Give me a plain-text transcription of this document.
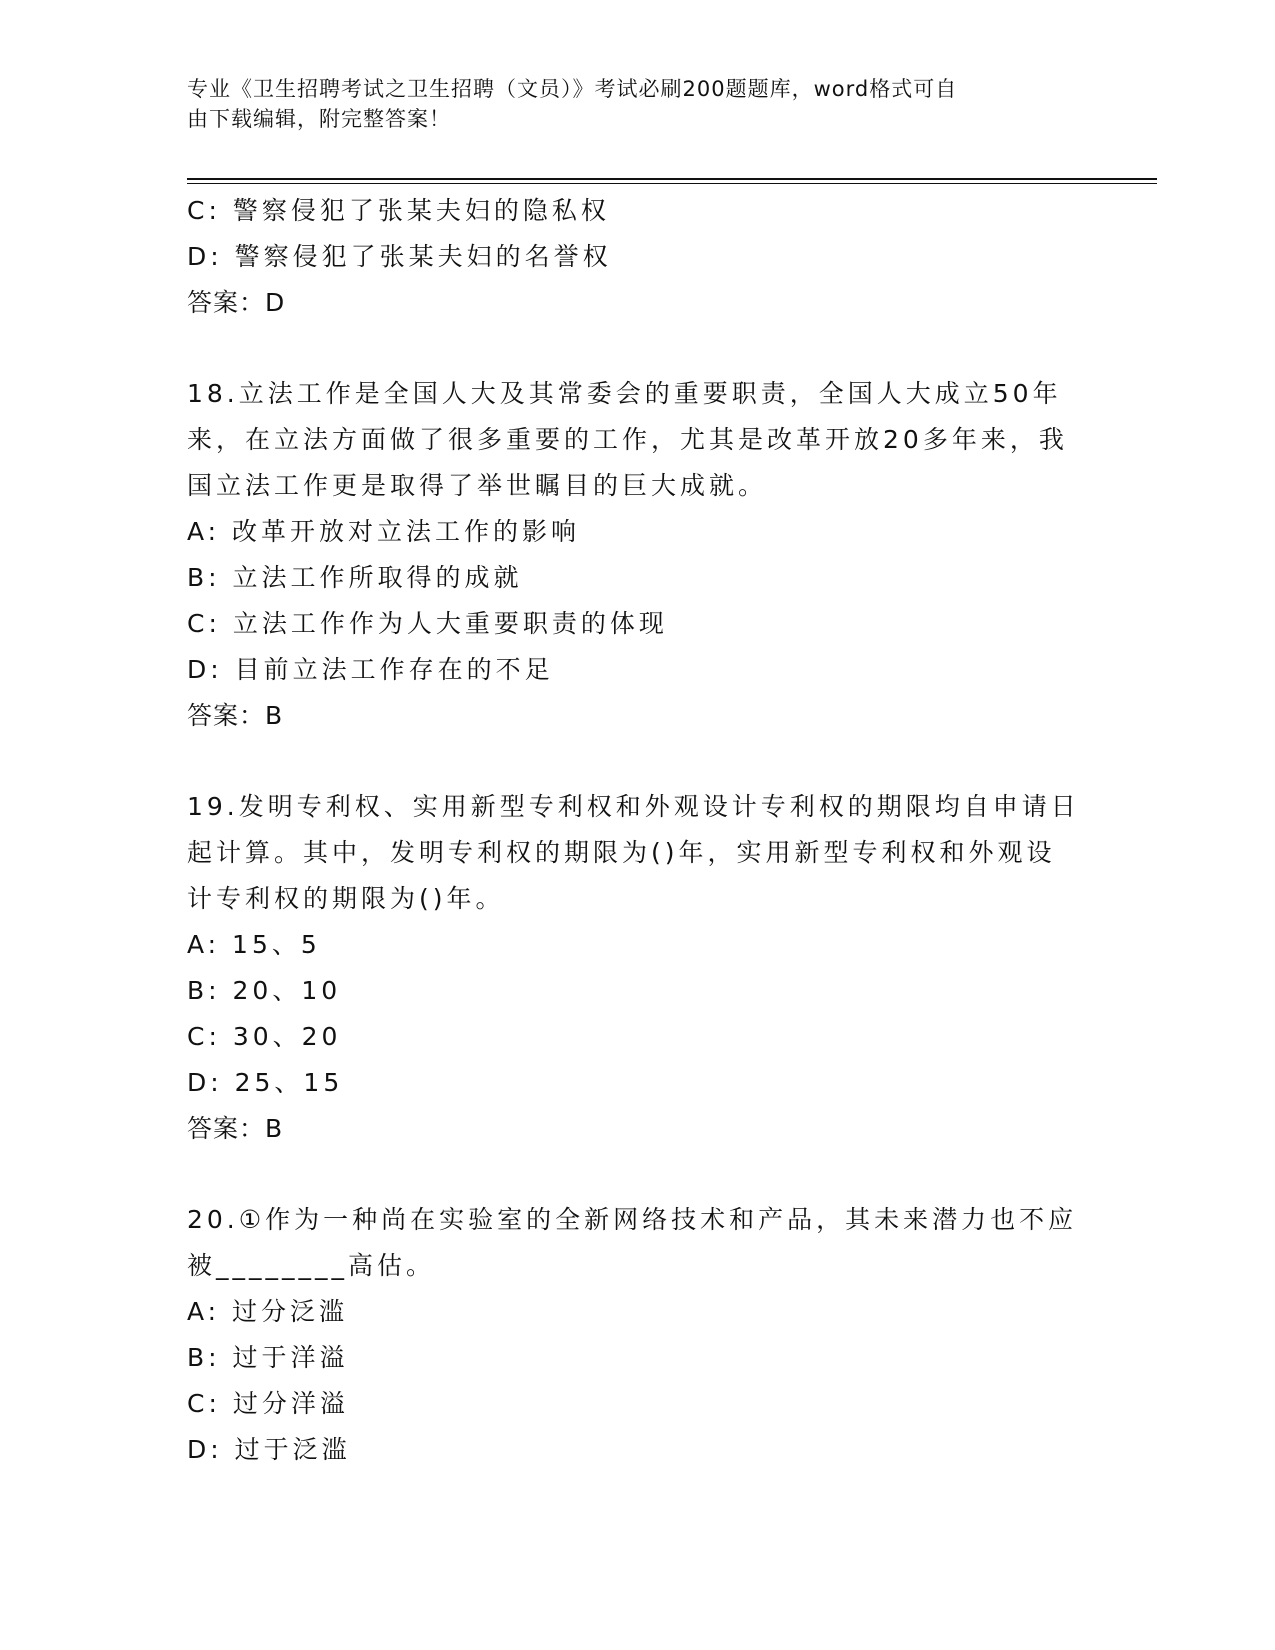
专业《卫生招聘考试之卫生招聘（文员）》考试必刷200题题库，word格式可自
由下载编辑，附完整答案！
C: 警察侵犯了张某夫妇的隐私权
D: 警察侵犯了张某夫妇的名誉权
答案：D
18.立法工作是全国人大及其常委会的重要职责，全国人大成立50年
来，在立法方面做了很多重要的工作，尤其是改革开放20多年来，我
国立法工作更是取得了举世瞩目的巨大成就。
A: 改革开放对立法工作的影响
B: 立法工作所取得的成就
C: 立法工作作为人大重要职责的体现
D: 目前立法工作存在的不足
答案：B
19.发明专利权、实用新型专利权和外观设计专利权的期限均自申请日
起计算。其中，发明专利权的期限为()年，实用新型专利权和外观设
计专利权的期限为()年。
A: 15、5
B: 20、10
C: 30、20
D: 25、15
答案：B
20.①作为一种尚在实验室的全新网络技术和产品，其未来潜力也不应
被________高估。
A: 过分泛滥
B: 过于洋溢
C: 过分洋溢
D: 过于泛滥
